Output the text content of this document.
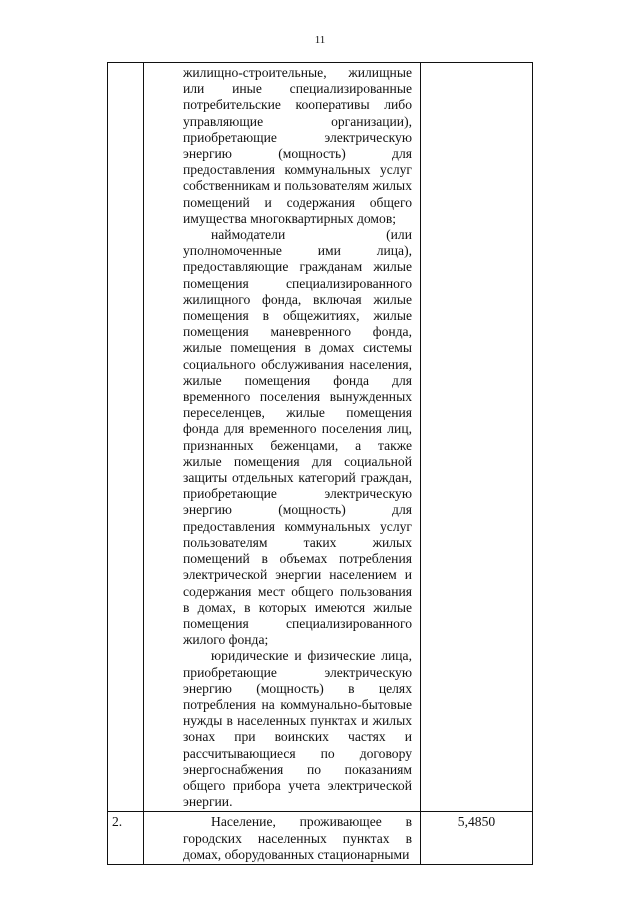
11

	жилищно-строительные, жилищные или иные специализированные потребительские кооперативы либо управляющие организации), приобретающие электрическую энергию (мощность) для предоставления коммунальных услуг собственникам и пользователям жилых помещений и содержания общего имущества многоквартирных домов;

наймодатели (или уполномоченные ими лица), предоставляющие гражданам жилые помещения специализированного жилищного фонда, включая жилые помещения в общежитиях, жилые помещения маневренного фонда, жилые помещения в домах системы социального обслуживания населения, жилые помещения фонда для временного поселения вынужденных переселенцев, жилые помещения фонда для временного поселения лиц, признанных беженцами, а также жилые помещения для социальной защиты отдельных категорий граждан, приобретающие электрическую энергию (мощность) для предоставления коммунальных услуг пользователям таких жилых помещений в объемах потребления электрической энергии населением и содержания мест общего пользования в домах, в которых имеются жилые помещения специализированного жилого фонда;

юридические и физические лица, приобретающие электрическую энергию (мощность) в целях потребления на коммунально-бытовые нужды в населенных пунктах и жилых зонах при воинских частях и рассчитывающиеся по договору энергоснабжения по показаниям общего прибора учета электрической энергии.	

2.	Население, проживающее в городских населенных пунктах в домах, оборудованных стационарными	5,4850
